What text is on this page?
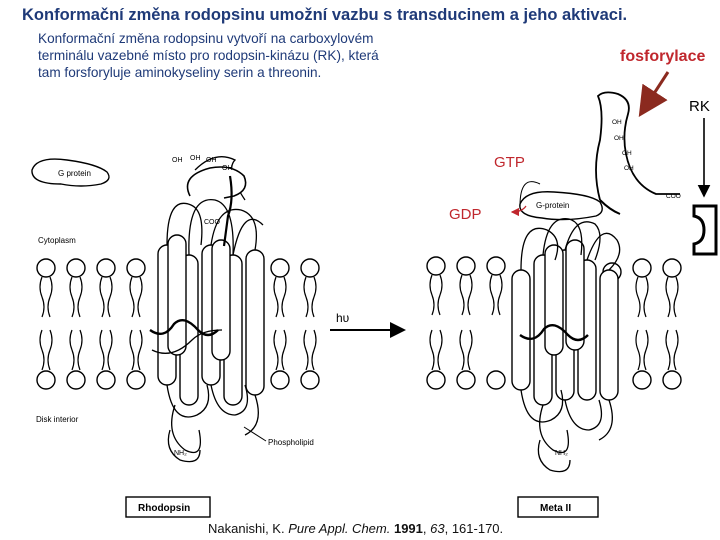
Konformační změna rodopsinu umožní vazbu s transducinem a jeho aktivaci.
Konformační změna rodopsinu vytvoří na carboxylovém
terminálu vazebné místo pro rodopsin-kinázu (RK), která
tam forsforyluje aminokyseliny serin a threonin.
fosforylace
RK
GTP
GDP
OH OH OH
OH
COO
NH₂
G protein
Cytoplasm
Disk interior
Phospholipid
Rhodopsin
hυ
G-protein
OH
OH
OH
OH
COO
NH₂
Meta II
Nakanishi, K. Pure Appl. Chem. 1991, 63, 161-170.
